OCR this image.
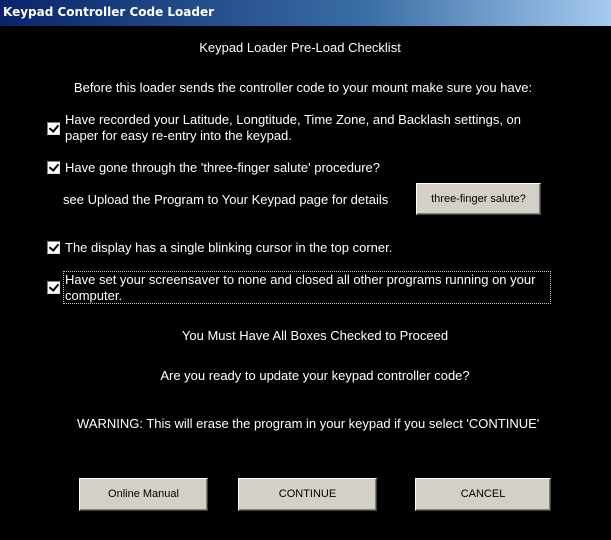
Keypad Controller Code Loader
Keypad Loader Pre-Load Checklist
Before this loader sends the controller code to your mount make sure you have:
Have recorded your Latitude, Longtitude, Time Zone, and Backlash settings, on paper for easy re-entry into the keypad.
Have gone through the 'three-finger salute' procedure?
see Upload the Program to Your Keypad page for details	three-finger salute?
The display has a single blinking cursor in the top corner.
Have set your screensaver to none and closed all other programs running on your computer.
You Must Have All Boxes Checked to Proceed
Are you ready to update your keypad controller code?
WARNING: This will erase the program in your keypad if you select 'CONTINUE'
Online Manual	CONTINUE	CANCEL
